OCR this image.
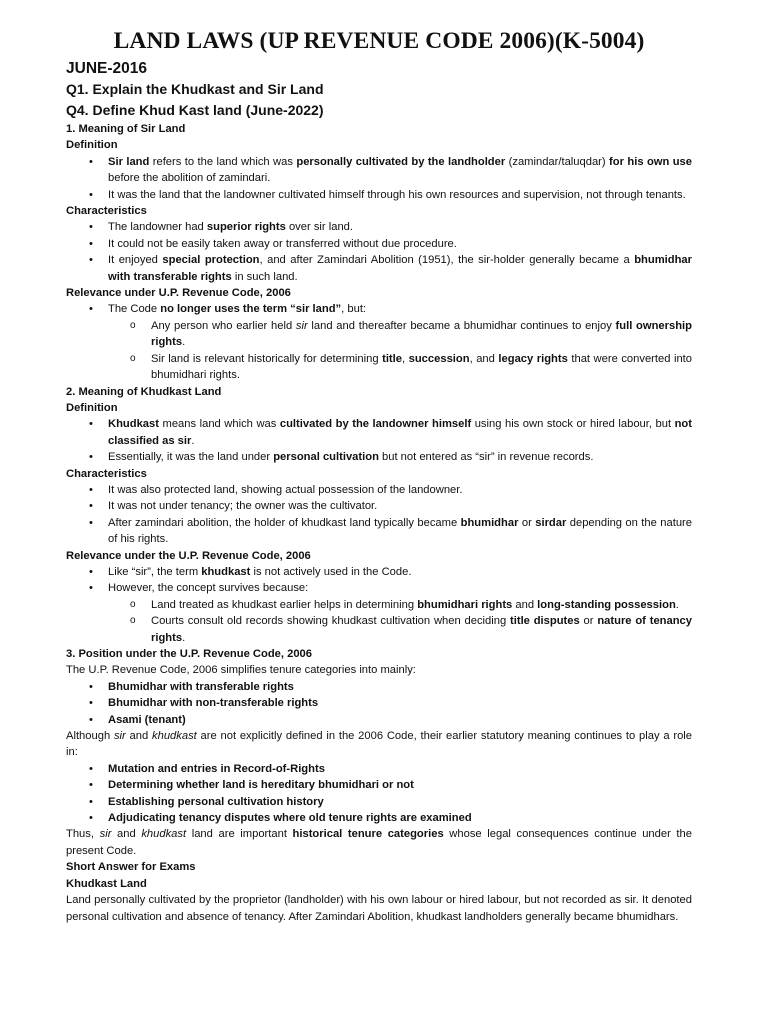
LAND LAWS (UP REVENUE CODE 2006)(K-5004)

JUNE-2016

Q1. Explain the Khudkast and Sir Land

Q4. Define Khud Kast land (June-2022)

1. Meaning of Sir Land

Definition

• Sir land refers to the land which was personally cultivated by the landholder (zamindar/taluqdar) for his own use before the abolition of zamindari.
• It was the land that the landowner cultivated himself through his own resources and supervision, not through tenants.

Characteristics

• The landowner had superior rights over sir land.
• It could not be easily taken away or transferred without due procedure.
• It enjoyed special protection, and after Zamindari Abolition (1951), the sir-holder generally became a bhumidhar with transferable rights in such land.

Relevance under U.P. Revenue Code, 2006

• The Code no longer uses the term “sir land”, but:
o Any person who earlier held sir land and thereafter became a bhumidhar continues to enjoy full ownership rights.
o Sir land is relevant historically for determining title, succession, and legacy rights that were converted into bhumidhari rights.

2. Meaning of Khudkast Land

Definition

• Khudkast means land which was cultivated by the landowner himself using his own stock or hired labour, but not classified as sir.
• Essentially, it was the land under personal cultivation but not entered as “sir” in revenue records.

Characteristics

• It was also protected land, showing actual possession of the landowner.
• It was not under tenancy; the owner was the cultivator.
• After zamindari abolition, the holder of khudkast land typically became bhumidhar or sirdar depending on the nature of his rights.

Relevance under the U.P. Revenue Code, 2006

• Like “sir”, the term khudkast is not actively used in the Code.
• However, the concept survives because:
o Land treated as khudkast earlier helps in determining bhumidhari rights and long-standing possession.
o Courts consult old records showing khudkast cultivation when deciding title disputes or nature of tenancy rights.

3. Position under the U.P. Revenue Code, 2006

The U.P. Revenue Code, 2006 simplifies tenure categories into mainly:

• Bhumidhar with transferable rights
• Bhumidhar with non-transferable rights
• Asami (tenant)

Although sir and khudkast are not explicitly defined in the 2006 Code, their earlier statutory meaning continues to play a role in:

• Mutation and entries in Record-of-Rights
• Determining whether land is hereditary bhumidhari or not
• Establishing personal cultivation history
• Adjudicating tenancy disputes where old tenure rights are examined

Thus, sir and khudkast land are important historical tenure categories whose legal consequences continue under the present Code.

Short Answer for Exams

Khudkast Land

Land personally cultivated by the proprietor (landholder) with his own labour or hired labour, but not recorded as sir. It denoted personal cultivation and absence of tenancy. After Zamindari Abolition, khudkast landholders generally became bhumidhars.
